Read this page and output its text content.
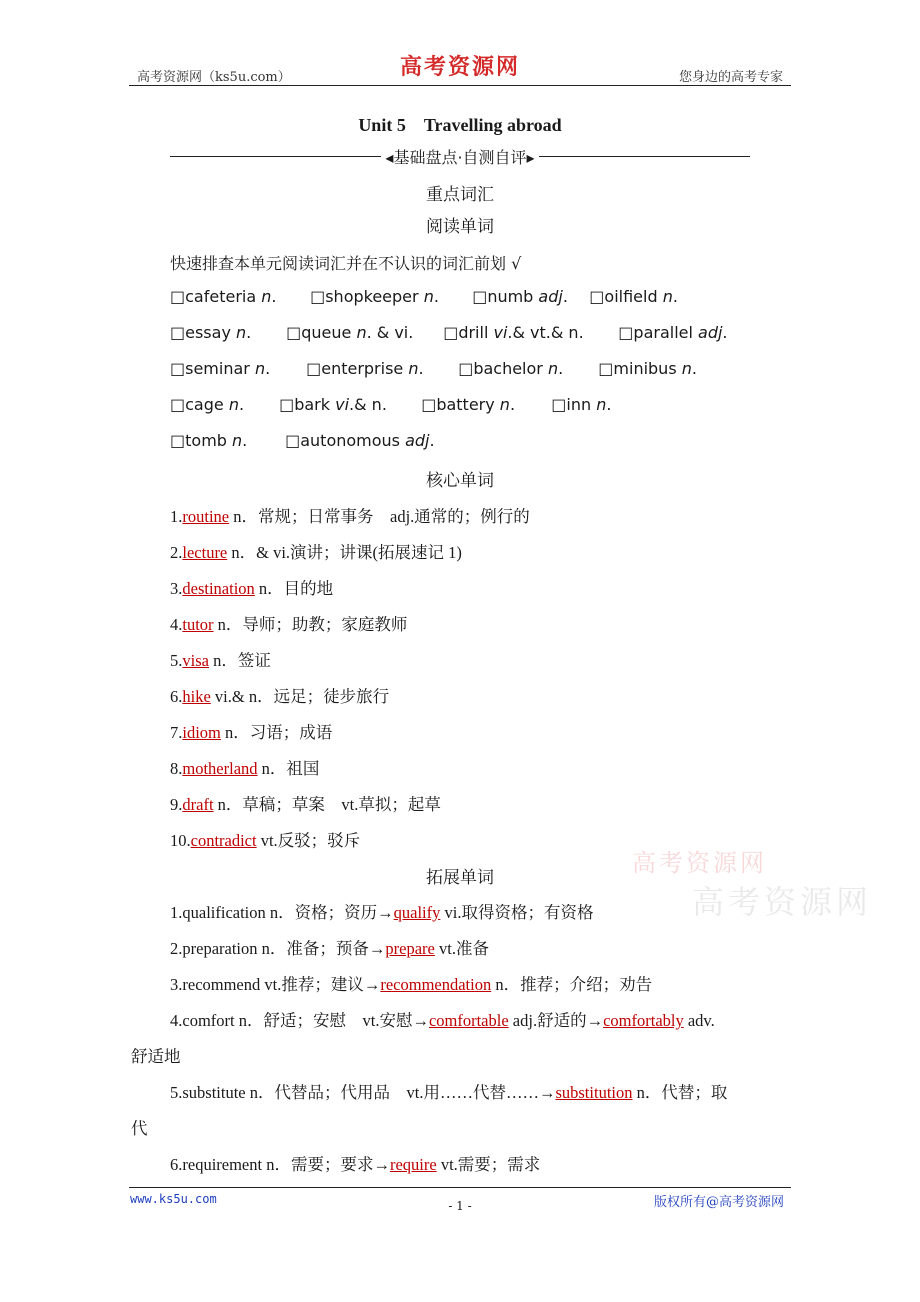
高考资源网（ks5u.com）	高考资源网	您身边的高考专家
Unit 5　Travelling abroad
◂基础盘点·自测自评▸
重点词汇
阅读单词
快速排查本单元阅读词汇并在不认识的词汇前划 √
□cafeteria n. □shopkeeper n. □numb adj. □oilfield n.
□essay n. □queue n. & vi. □drill vi.& vt.& n. □parallel adj.
□seminar n. □enterprise n. □bachelor n. □minibus n.
□cage n. □bark vi.& n. □battery n. □inn n.
□tomb n. □autonomous adj.
核心单词
1.routine n．常规；日常事务　adj.通常的；例行的
2.lecture n．& vi.演讲；讲课(拓展速记 1)
3.destination n．目的地
4.tutor n．导师；助教；家庭教师
5.visa n．签证
6.hike vi.& n．远足；徒步旅行
7.idiom n．习语；成语
8.motherland n．祖国
9.draft n．草稿；草案　vt.草拟；起草
10.contradict vt.反驳；驳斥
拓展单词
1.qualification n．资格；资历→qualify vi.取得资格；有资格
2.preparation n．准备；预备→prepare vt.准备
3.recommend vt.推荐；建议→recommendation n．推荐；介绍；劝告
4.comfort n．舒适；安慰　vt.安慰→comfortable adj.舒适的→comfortably adv.
舒适地
5.substitute n．代替品；代用品　vt.用……代替……→substitution n．代替；取
代
6.requirement n．需要；要求→require vt.需要；需求
高考资源网
高考资源网
www.ks5u.com	- 1 -	版权所有@高考资源网
